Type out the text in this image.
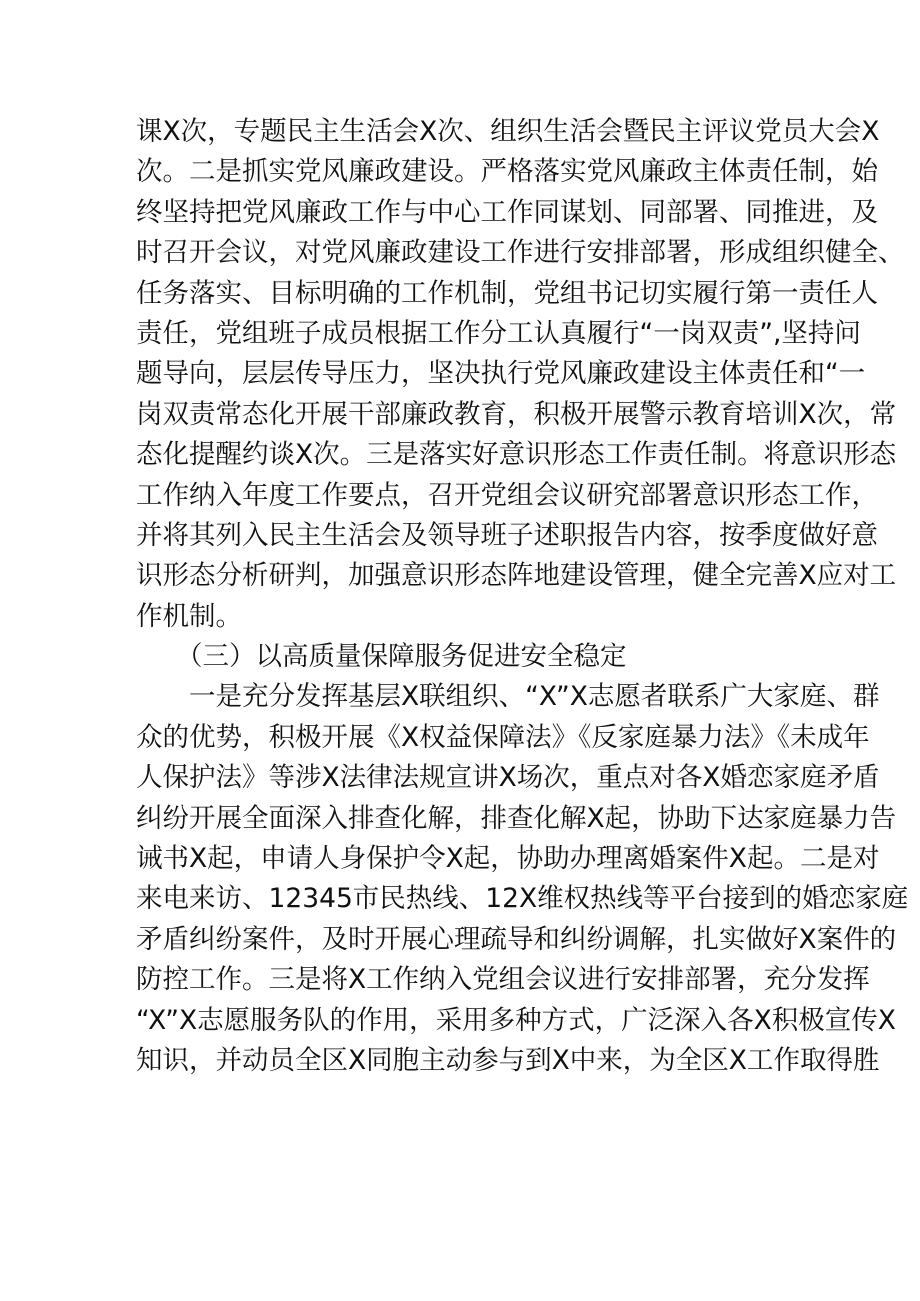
课X次，专题民主生活会X次、组织生活会暨民主评议党员大会X
次。二是抓实党风廉政建设。严格落实党风廉政主体责任制，始
终坚持把党风廉政工作与中心工作同谋划、同部署、同推进，及
时召开会议，对党风廉政建设工作进行安排部署，形成组织健全、
任务落实、目标明确的工作机制，党组书记切实履行第一责任人
责任，党组班子成员根据工作分工认真履行“一岗双责”,坚持问
题导向，层层传导压力，坚决执行党风廉政建设主体责任和“一
岗双责常态化开展干部廉政教育，积极开展警示教育培训X次，常
态化提醒约谈X次。三是落实好意识形态工作责任制。将意识形态
工作纳入年度工作要点，召开党组会议研究部署意识形态工作，
并将其列入民主生活会及领导班子述职报告内容，按季度做好意
识形态分析研判，加强意识形态阵地建设管理，健全完善X应对工
作机制。
（三）以高质量保障服务促进安全稳定
一是充分发挥基层X联组织、“X”X志愿者联系广大家庭、群
众的优势，积极开展《X权益保障法》《反家庭暴力法》《未成年
人保护法》等涉X法律法规宣讲X场次，重点对各X婚恋家庭矛盾
纠纷开展全面深入排查化解，排查化解X起，协助下达家庭暴力告
诫书X起，申请人身保护令X起，协助办理离婚案件X起。二是对
来电来访、12345市民热线、12X维权热线等平台接到的婚恋家庭
矛盾纠纷案件，及时开展心理疏导和纠纷调解，扎实做好X案件的
防控工作。三是将X工作纳入党组会议进行安排部署，充分发挥
“X”X志愿服务队的作用，采用多种方式，广泛深入各X积极宣传X
知识，并动员全区X同胞主动参与到X中来，为全区X工作取得胜
